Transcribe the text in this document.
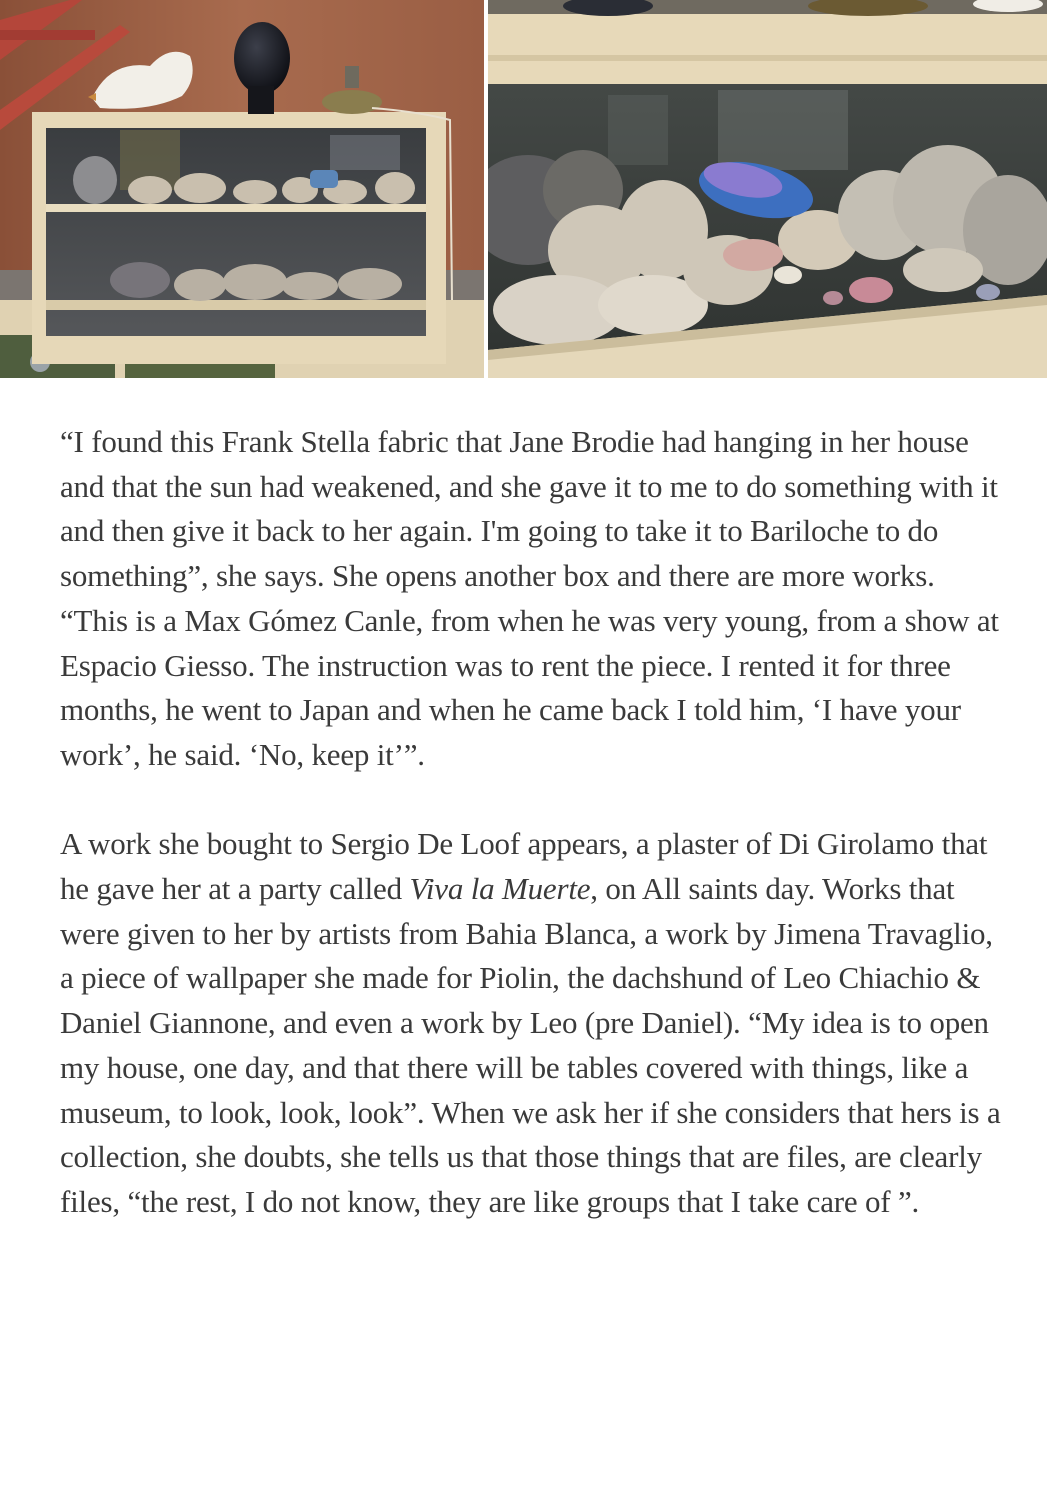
“I found this Frank Stella fabric that Jane Brodie had hanging in her house and that the sun had weakened, and she gave it to me to do something with it and then give it back to her again. I'm going to take it to Bariloche to do something”, she says. She opens another box and there are more works. “This is a Max Gómez Canle, from when he was very young, from a show at Espacio Giesso. The instruction was to rent the piece. I rented it for three months, he went to Japan and when he came back I told him, ‘I have your work’, he said. ‘No, keep it’”.

A work she bought to Sergio De Loof appears, a plaster of Di Girolamo that he gave her at a party called Viva la Muerte, on All saints day. Works that were given to her by artists from Bahia Blanca, a work by Jimena Travaglio, a piece of wallpaper she made for Piolin, the dachshund of Leo Chiachio & Daniel Giannone, and even a work by Leo (pre Daniel). “My idea is to open my house, one day, and that there will be tables covered with things, like a museum, to look, look, look”. When we ask her if she considers that hers is a collection, she doubts, she tells us that those things that are files, are clearly files, “the rest, I do not know, they are like groups that I take care of ”.
